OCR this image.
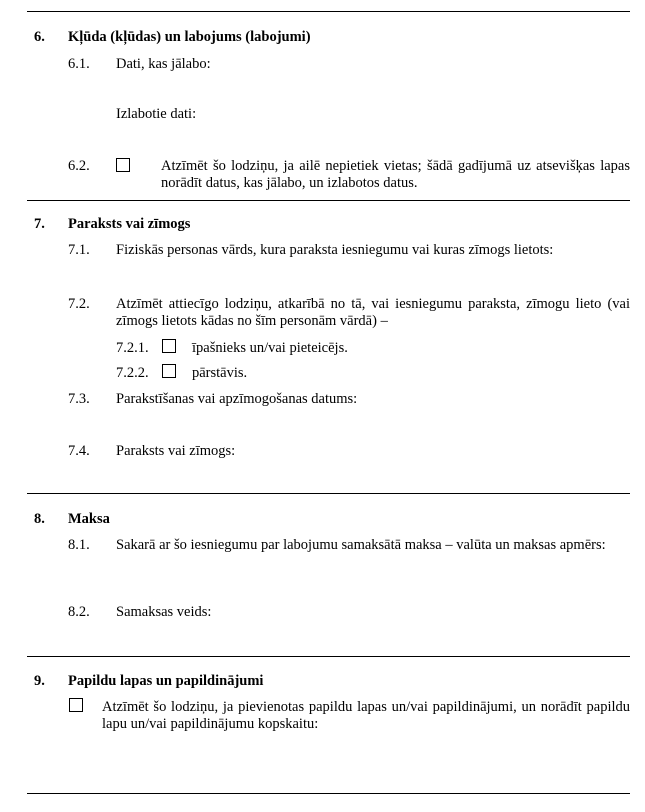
6. Kļūda (kļūdas) un labojums (labojumi)
6.1. Dati, kas jālabo:
Izlabotie dati:
6.2.	Atzīmēt šo lodziņu, ja ailē nepietiek vietas; šādā gadījumā uz atsevišķas lapas norādīt datus, kas jālabo, un izlabotos datus.
7. Paraksts vai zīmogs
7.1. Fiziskās personas vārds, kura paraksta iesniegumu vai kuras zīmogs lietots:
7.2. Atzīmēt attiecīgo lodziņu, atkarībā no tā, vai iesniegumu paraksta, zīmogu lieto (vai zīmogs lietots kādas no šīm personām vārdā) –
7.2.1.	īpašnieks un/vai pieteicējs.
7.2.2.	pārstāvis.
7.3. Parakstīšanas vai apzīmogošanas datums:
7.4. Paraksts vai zīmogs:
8. Maksa
8.1. Sakarā ar šo iesniegumu par labojumu samaksātā maksa – valūta un maksas apmērs:
8.2. Samaksas veids:
9. Papildu lapas un papildinājumi
Atzīmēt šo lodziņu, ja pievienotas papildu lapas un/vai papildinājumi, un norādīt papildu lapu un/vai papildinājumu kopskaitu:
